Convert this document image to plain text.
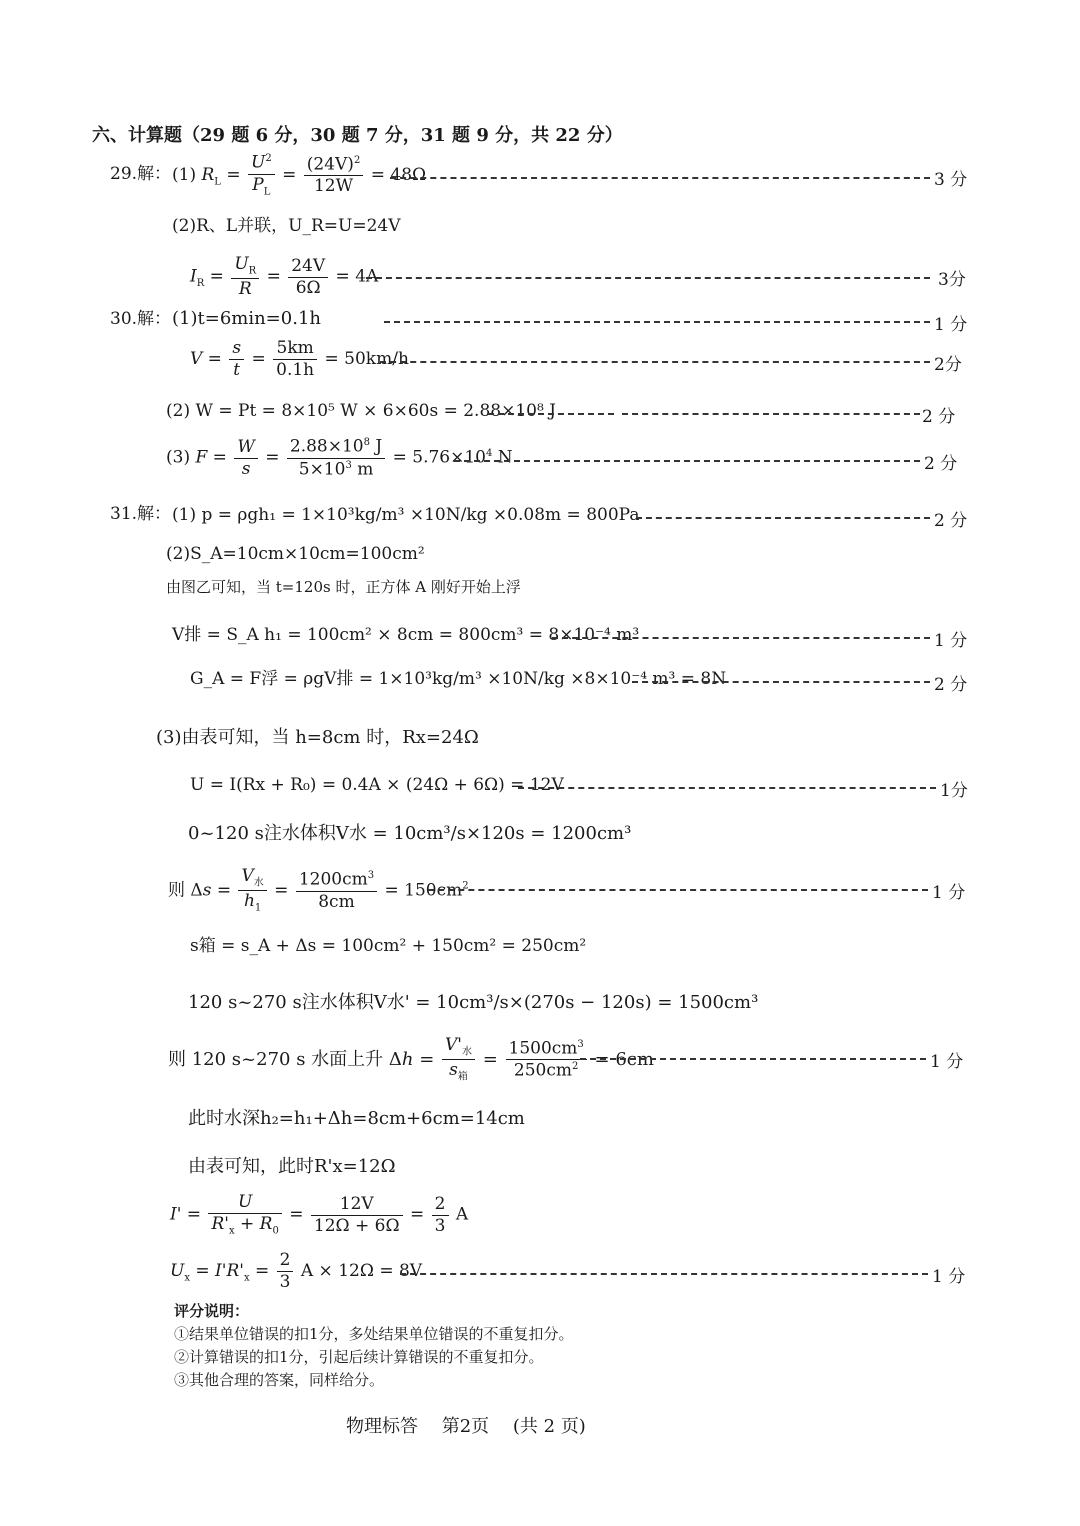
六、计算题（29 题 6 分，30 题 7 分，31 题 9 分，共 22 分）
29.解： (1) $R_L = \frac{U^2}{P_L} = \frac{(24V)^2}{12W} = 48\Omega$	3 分
(2)R、L并联，U_R=U=24V
$I_R = \frac{U_R}{R} = \frac{24V}{6\Omega} = 4A$	3分
30.解： (1)t=6min=0.1h	1 分
$V = \frac{s}{t} = \frac{5km}{0.1h} = 50km/h$	2分
(2) W = Pt = 8×10⁵ W × 6×60s = 2.88×10⁸ J	2 分
(3) $F = \frac{W}{s} = \frac{2.88\times 10^8 J}{5\times 10^3 m} = 5.76\times 10^4$ N	2 分
31.解： (1) p = ρgh₁ = 1×10³kg/m³ ×10N/kg ×0.08m = 800Pa	2 分
(2)S_A=10cm×10cm=100cm²
由图乙可知，当 t=120s 时，正方体 A 刚好开始上浮
V排 = S_A h₁ = 100cm² × 8cm = 800cm³ = 8×10⁻⁴ m³	1 分
G_A = F浮 = ρgV排 = 1×10³kg/m³ ×10N/kg ×8×10⁻⁴ m³ = 8N	2 分
(3)由表可知，当 h=8cm 时，Rx=24Ω
U = I(Rx + R₀) = 0.4A × (24Ω + 6Ω) = 12V	1分
0~120 s注水体积V水 = 10cm³/s×120s = 1200cm³
则 $\Delta s = \frac{V_水}{h_1} = \frac{1200cm^3}{8cm} = 150cm^2$	1 分
s箱 = s_A + Δs = 100cm² + 150cm² = 250cm²
120 s~270 s注水体积V水' = 10cm³/s×(270s − 120s) = 1500cm³
则 120 s~270 s 水面上升 $\Delta h = \frac{V'_水}{s_箱} = \frac{1500cm^3}{250cm^2} = 6cm$	1 分
此时水深h₂=h₁+Δh=8cm+6cm=14cm
由表可知，此时R'x=12Ω
$I' = \frac{U}{R'_x + R_0} = \frac{12V}{12\Omega + 6\Omega} = \frac{2}{3}$ A
$U_x = I'R'_x = \frac{2}{3}$ A × 12Ω = 8V	1 分
评分说明：
①结果单位错误的扣1分，多处结果单位错误的不重复扣分。
②计算错误的扣1分，引起后续计算错误的不重复扣分。
③其他合理的答案，同样给分。
物理标答　 第2页　 (共 2 页)
